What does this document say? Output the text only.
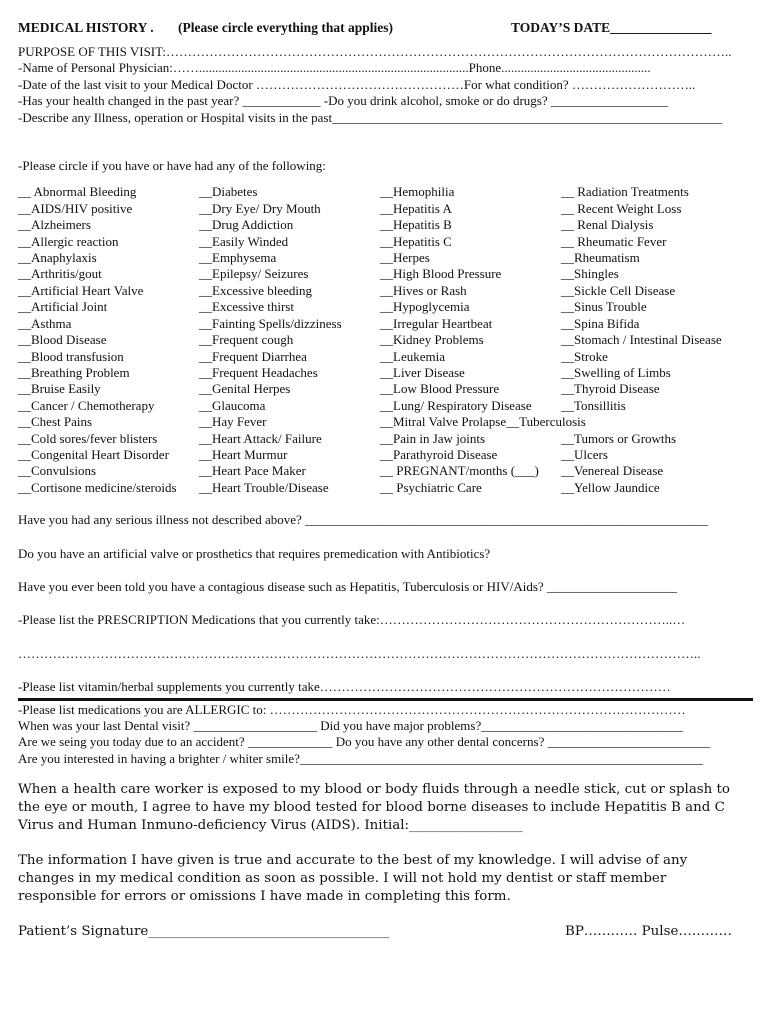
MEDICAL HISTORY . (Please circle everything that applies)	TODAY’S DATE_______________
PURPOSE OF THIS VISIT:…………………………………………………………………………………………………………………..
-Name of Personal Physician:……...................................................................................Phone..............................................
-Date of the last visit to your Medical Doctor …………………………………………For what condition? ………………………..
-Has your health changed in the past year? ____________ -Do you drink alcohol, smoke or do drugs? __________________
-Describe any Illness, operation or Hospital visits in the past____________________________________________________________
-Please circle if you have or have had any of the following:
__ Abnormal Bleeding
__AIDS/HIV positive
__Alzheimers
__Allergic reaction
__Anaphylaxis
__Arthritis/gout
__Artificial Heart Valve
__Artificial Joint
__Asthma
__Blood Disease
__Blood transfusion
__Breathing Problem
__Bruise Easily
__Cancer / Chemotherapy
__Chest Pains
__Cold sores/fever blisters
__Congenital Heart Disorder
__Convulsions
__Cortisone medicine/steroids
__Diabetes
__Dry Eye/ Dry Mouth
__Drug Addiction
__Easily Winded
__Emphysema
__Epilepsy/ Seizures
__Excessive bleeding
__Excessive thirst
__Fainting Spells/dizziness
__Frequent cough
__Frequent Diarrhea
__Frequent Headaches
__Genital Herpes
__Glaucoma
__Hay Fever
__Heart Attack/ Failure
__Heart Murmur
__Heart Pace Maker
__Heart Trouble/Disease
__Hemophilia
__Hepatitis A
__Hepatitis B
__Hepatitis C
__Herpes
__High Blood Pressure
__Hives or Rash
__Hypoglycemia
__Irregular Heartbeat
__Kidney Problems
__Leukemia
__Liver Disease
__Low Blood Pressure
__Lung/ Respiratory Disease
__Mitral Valve Prolapse__Tuberculosis
__Pain in Jaw joints
__Parathyroid Disease
__ PREGNANT/months (___)
__ Psychiatric Care
__ Radiation Treatments
__ Recent Weight Loss
__ Renal Dialysis
__ Rheumatic Fever
__Rheumatism
__Shingles
__Sickle Cell Disease
__Sinus Trouble
__Spina Bifida
__Stomach / Intestinal Disease
__Stroke
__Swelling of Limbs
__Thyroid Disease
__Tonsillitis
__Tumors or Growths
__Ulcers
__Venereal Disease
__Yellow Jaundice
Have you had any serious illness not described above? ______________________________________________________________
Do you have an artificial valve or prosthetics that requires premedication with Antibiotics?
Have you ever been told you have a contagious disease such as Hepatitis, Tuberculosis or HIV/Aids? ____________________
-Please list the PRESCRIPTION Medications that you currently take:…………………………………………………………..…
…………………………………………………………………………………………………………………………………………..
-Please list vitamin/herbal supplements you currently take………………………………………………………………………
-Please list medications you are ALLERGIC to: ……………………………………………………………………………………
When was your last Dental visit? ___________________ Did you have major problems?_______________________________
Are we seing you today due to an accident? _____________ Do you have any other dental concerns? _________________________
Are you interested in having a brighter / whiter smile?______________________________________________________________
When a health care worker is exposed to my blood or body fluids through a needle stick, cut or splash to the eye or mouth, I agree to have my blood tested for blood borne diseases to include Hepatitis B and C Virus and Human Inmuno-deficiency Virus (AIDS). Initial:_________________
The information I have given is true and accurate to the best of my knowledge. I will advise of any changes in my medical condition as soon as possible. I will not hold my dentist or staff member responsible for errors or omissions I have made in completing this form.
Patient’s Signature____________________________________	BP………… Pulse…………
